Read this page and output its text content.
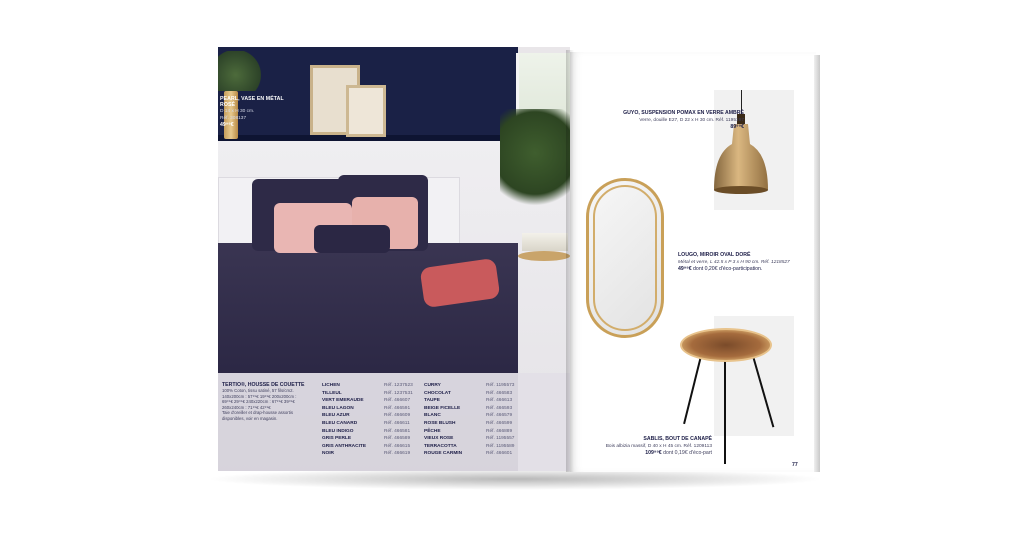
PEARL, VASE EN MÉTAL
ROSÉ
D 14 x H 30 cm.
Réf. 308137
49⁹⁹€
TERTIO®, HOUSSE DE COUETTE
100% Coton, tissu satiné, 57 fils/cm2.
140x200cm : 57⁹⁹€ 19⁹⁹€ 200x200cm :
69⁹⁹€ 29⁹⁹€ 240x220cm : 67⁹⁹€ 39⁹⁹€
260x240cm : 71⁹⁹€ 42⁹⁹€
Taie d'oreiller et drap-housse assortis
disponibles, voir en magasin.
LICHEN
TILLEUL
VERT EMERAUDE
BLEU LAGON
BLEU AZUR
BLEU CANARD
BLEU INDIGO
GRIS PERLE
GRIS ANTHRACITE
NOIR
Réf. 1237523
Réf. 1237531
Réf. 466607
Réf. 466591
Réf. 466609
Réf. 466611
Réf. 466581
Réf. 466589
Réf. 466615
Réf. 466619
CURRY
CHOCOLAT
TAUPE
BEIGE FICELLE
BLANC
ROSE BLUSH
PÊCHE
VIEUX ROSE
TERRACOTTA
ROUGE CARMIN
Réf. 1195573
Réf. 466583
Réf. 466613
Réf. 466593
Réf. 466579
Réf. 466599
Réf. 466889
Réf. 1195557
Réf. 1195589
Réf. 466601
GUYO, SUSPENSION POMAX EN VERRE AMBRÉ
Verre, douille E27, D 22 x H 30 cm. Réf. 1195197
89⁹⁹€
LOUGO, MIROIR OVAL DORÉ
Métal et verre, L 42.5 x P 3 x H 90 cm. Réf. 1218527
49⁹⁹€ dont 0,20€ d'éco-participation.
SABLIS, BOUT DE CANAPÉ
Bois albizia massif, D 40 x H 45 cm. Réf. 1209113
109⁹⁹€ dont 0,19€ d'éco-part
77
